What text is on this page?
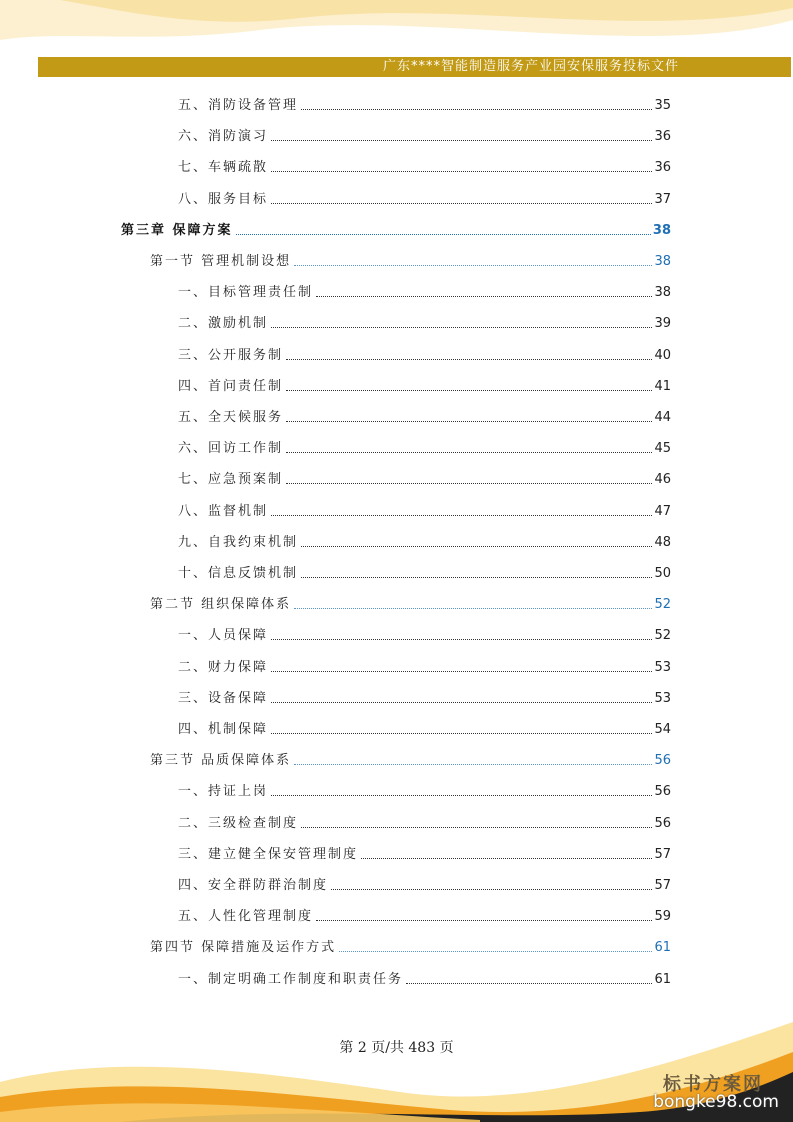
广东****智能制造服务产业园安保服务投标文件
五、消防设备管理	35
六、消防演习	36
七、车辆疏散	36
八、服务目标	37
第三章 保障方案	38
第一节 管理机制设想	38
一、目标管理责任制	38
二、激励机制	39
三、公开服务制	40
四、首问责任制	41
五、全天候服务	44
六、回访工作制	45
七、应急预案制	46
八、监督机制	47
九、自我约束机制	48
十、信息反馈机制	50
第二节 组织保障体系	52
一、人员保障	52
二、财力保障	53
三、设备保障	53
四、机制保障	54
第三节 品质保障体系	56
一、持证上岗	56
二、三级检查制度	56
三、建立健全保安管理制度	57
四、安全群防群治制度	57
五、人性化管理制度	59
第四节 保障措施及运作方式	61
一、制定明确工作制度和职责任务	61
第 2 页/共 483 页
标书方案网
bongke98.com
